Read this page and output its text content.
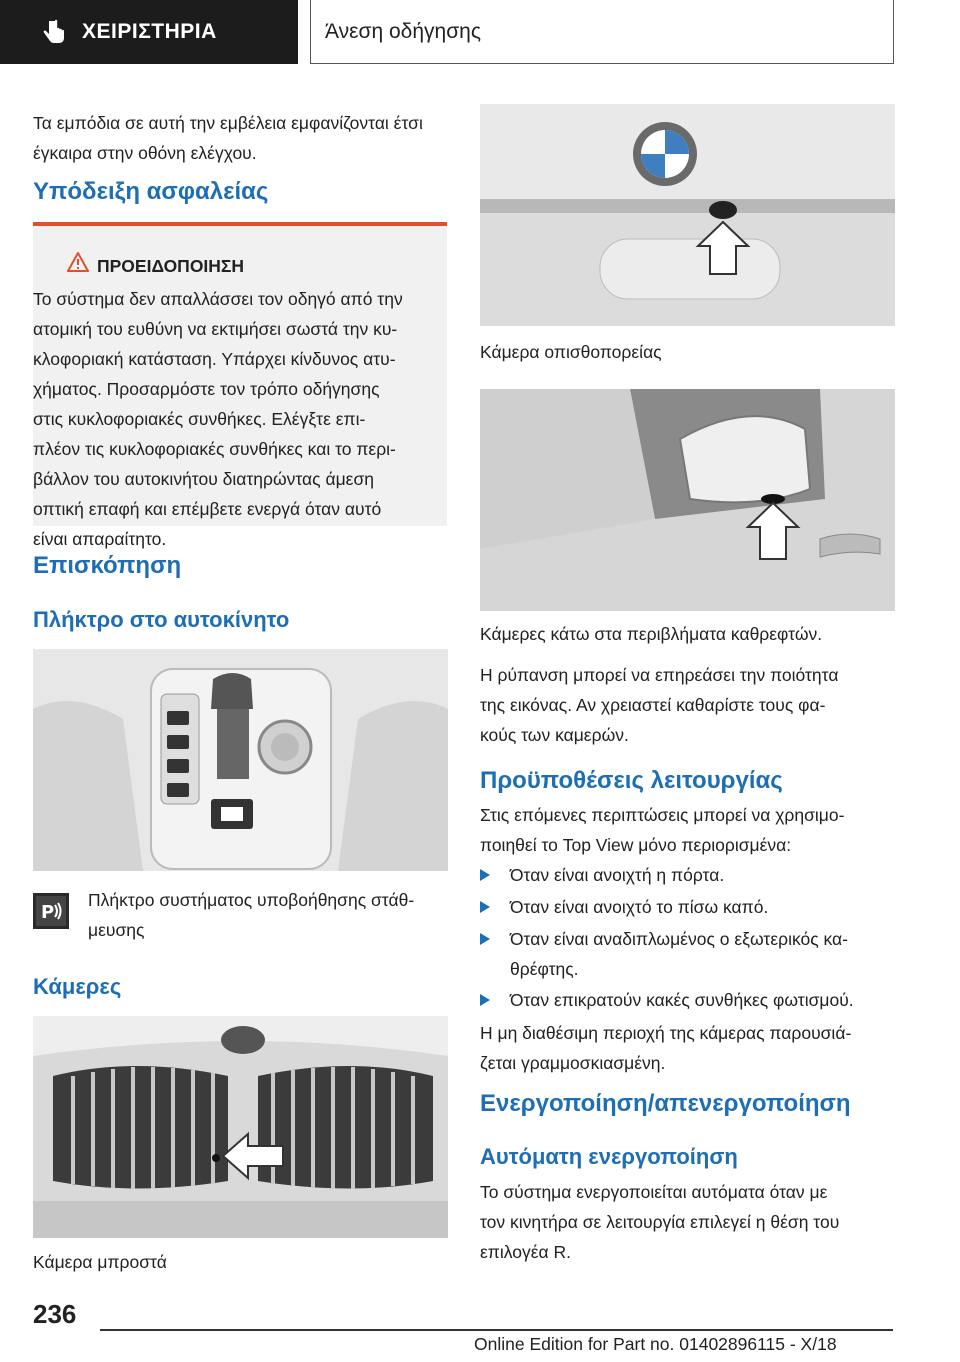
ΧΕΙΡΙΣΤΗΡΙΑ	Άνεση οδήγησης
Τα εμπόδια σε αυτή την εμβέλεια εμφανίζονται έτσι έγκαιρα στην οθόνη ελέγχου.
Υπόδειξη ασφαλείας
ΠΡΟΕΙΔΟΠΟΙΗΣΗ
Το σύστημα δεν απαλλάσσει τον οδηγό από την
ατομική του ευθύνη να εκτιμήσει σωστά την κυ-
κλοφοριακή κατάσταση. Υπάρχει κίνδυνος ατυ-
χήματος. Προσαρμόστε τον τρόπο οδήγησης
στις κυκλοφοριακές συνθήκες. Ελέγξτε επι-
πλέον τις κυκλοφοριακές συνθήκες και το περι-
βάλλον του αυτοκινήτου διατηρώντας άμεση
οπτική επαφή και επέμβετε ενεργά όταν αυτό
είναι απαραίτητο.
Επισκόπηση
Πλήκτρο στο αυτοκίνητο
P
Πλήκτρο συστήματος υποβοήθησης στάθ-
μευσης
Κάμερες
Κάμερα μπροστά
Κάμερα οπισθοπορείας
Κάμερες κάτω στα περιβλήματα καθρεφτών.
Η ρύπανση μπορεί να επηρεάσει την ποιότητα
της εικόνας. Αν χρειαστεί καθαρίστε τους φα-
κούς των καμερών.
Προϋποθέσεις λειτουργίας
Στις επόμενες περιπτώσεις μπορεί να χρησιμο-
ποιηθεί το Top View μόνο περιορισμένα:
Όταν είναι ανοιχτή η πόρτα.
Όταν είναι ανοιχτό το πίσω καπό.
Όταν είναι αναδιπλωμένος ο εξωτερικός κα-
θρέφτης.
Όταν επικρατούν κακές συνθήκες φωτισμού.
Η μη διαθέσιμη περιοχή της κάμερας παρουσιά-
ζεται γραμμοσκιασμένη.
Ενεργοποίηση/απενεργοποίηση
Αυτόματη ενεργοποίηση
Το σύστημα ενεργοποιείται αυτόματα όταν με
τον κινητήρα σε λειτουργία επιλεγεί η θέση του
επιλογέα R.
236
Online Edition for Part no. 01402896115 - X/18
